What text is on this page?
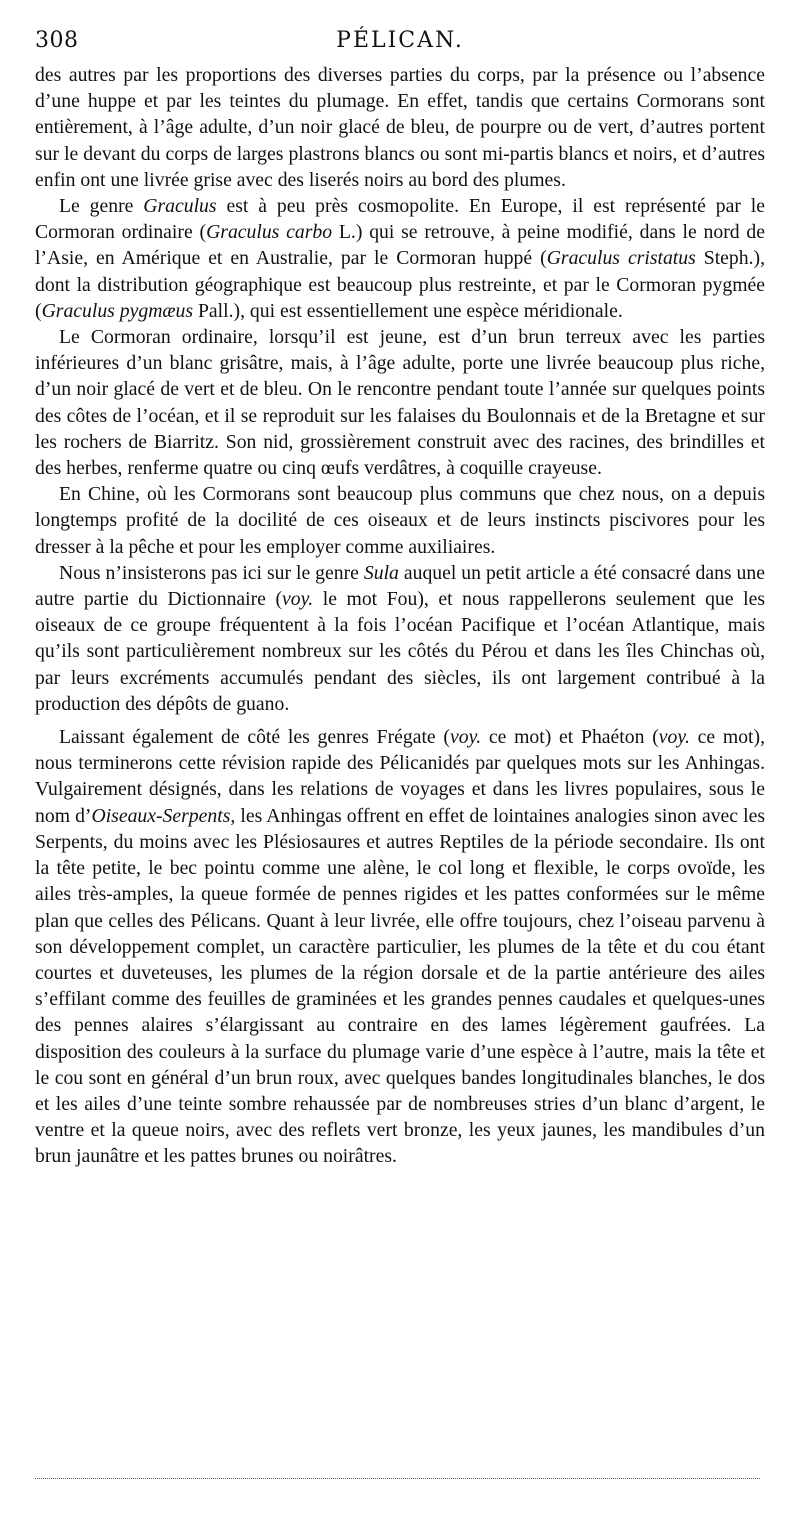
308	PÉLICAN.

des autres par les proportions des diverses parties du corps, par la présence ou l’absence d’une huppe et par les teintes du plumage. En effet, tandis que certains Cormorans sont entièrement, à l’âge adulte, d’un noir glacé de bleu, de pourpre ou de vert, d’autres portent sur le devant du corps de larges plastrons blancs ou sont mi-partis blancs et noirs, et d’autres enfin ont une livrée grise avec des liserés noirs au bord des plumes.

Le genre Graculus est à peu près cosmopolite. En Europe, il est représenté par le Cormoran ordinaire (Graculus carbo L.) qui se retrouve, à peine modifié, dans le nord de l’Asie, en Amérique et en Australie, par le Cormoran huppé (Graculus cristatus Steph.), dont la distribution géographique est beaucoup plus restreinte, et par le Cormoran pygmée (Graculus pygmæus Pall.), qui est essentiellement une espèce méridionale.

Le Cormoran ordinaire, lorsqu’il est jeune, est d’un brun terreux avec les parties inférieures d’un blanc grisâtre, mais, à l’âge adulte, porte une livrée beaucoup plus riche, d’un noir glacé de vert et de bleu. On le rencontre pendant toute l’année sur quelques points des côtes de l’océan, et il se reproduit sur les falaises du Boulonnais et de la Bretagne et sur les rochers de Biarritz. Son nid, grossièrement construit avec des racines, des brindilles et des herbes, renferme quatre ou cinq œufs verdâtres, à coquille crayeuse.

En Chine, où les Cormorans sont beaucoup plus communs que chez nous, on a depuis longtemps profité de la docilité de ces oiseaux et de leurs instincts piscivores pour les dresser à la pêche et pour les employer comme auxiliaires.

Nous n’insisterons pas ici sur le genre Sula auquel un petit article a été consacré dans une autre partie du Dictionnaire (voy. le mot Fou), et nous rappellerons seulement que les oiseaux de ce groupe fréquentent à la fois l’océan Pacifique et l’océan Atlantique, mais qu’ils sont particulièrement nombreux sur les côtés du Pérou et dans les îles Chinchas où, par leurs excréments accumulés pendant des siècles, ils ont largement contribué à la production des dépôts de guano.

Laissant également de côté les genres Frégate (voy. ce mot) et Phaéton (voy. ce mot), nous terminerons cette révision rapide des Pélicanidés par quelques mots sur les Anhingas. Vulgairement désignés, dans les relations de voyages et dans les livres populaires, sous le nom d’Oiseaux-Serpents, les Anhingas offrent en effet de lointaines analogies sinon avec les Serpents, du moins avec les Plésiosaures et autres Reptiles de la période secondaire. Ils ont la tête petite, le bec pointu comme une alène, le col long et flexible, le corps ovoïde, les ailes très-amples, la queue formée de pennes rigides et les pattes conformées sur le même plan que celles des Pélicans. Quant à leur livrée, elle offre toujours, chez l’oiseau parvenu à son développement complet, un caractère particulier, les plumes de la tête et du cou étant courtes et duveteuses, les plumes de la région dorsale et de la partie antérieure des ailes s’effilant comme des feuilles de graminées et les grandes pennes caudales et quelques-unes des pennes alaires s’élargissant au contraire en des lames légèrement gaufrées. La disposition des couleurs à la surface du plumage varie d’une espèce à l’autre, mais la tête et le cou sont en général d’un brun roux, avec quelques bandes longitudinales blanches, le dos et les ailes d’une teinte sombre rehaussée par de nombreuses stries d’un blanc d’argent, le ventre et la queue noirs, avec des reflets vert bronze, les yeux jaunes, les mandibules d’un brun jaunâtre et les pattes brunes ou noirâtres.
